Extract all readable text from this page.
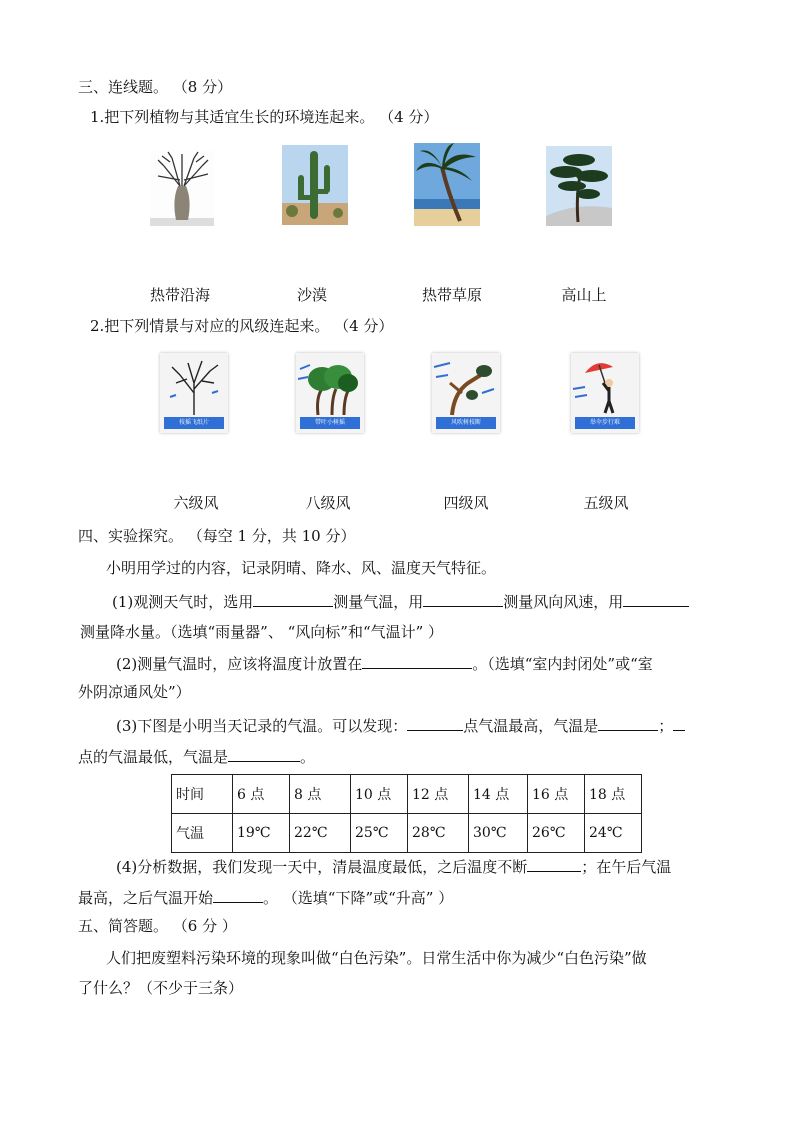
三、连线题。 （8 分）
1.把下列植物与其适宜生长的环境连起来。 （4 分）
热带沿海	沙漠	热带草原	高山上
2.把下列情景与对应的风级连起来。 （4 分）
枝摇飞纸片	带叶小树摇	风吹树枝断	举伞步行难
六级风	八级风	四级风	五级风
四、实验探究。 （每空 1 分，共 10 分）
小明用学过的内容，记录阴晴、降水、风、温度天气特征。
(1)观测天气时，选用	测量气温，用	测量风向风速，用
测量降水量。（选填“雨量器”、 “风向标”和“气温计” ）
(2)测量气温时，应该将温度计放置在	。（选填“室内封闭处”或“室
外阴凉通风处”）
(3)下图是小明当天记录的气温。可以发现：	点气温最高，气温是	；
点的气温最低，气温是	。
时间	6 点	8 点	10 点	12 点	14 点	16 点	18 点
气温	19℃	22℃	25℃	28℃	30℃	26℃	24℃
(4)分析数据，我们发现一天中，清晨温度最低，之后温度不断	；在午后气温
最高，之后气温开始	。 （选填“下降”或“升高” ）
五、简答题。 （6 分 ）
人们把废塑料污染环境的现象叫做“白色污染”。日常生活中你为减少“白色污染”做
了什么？（不少于三条）
